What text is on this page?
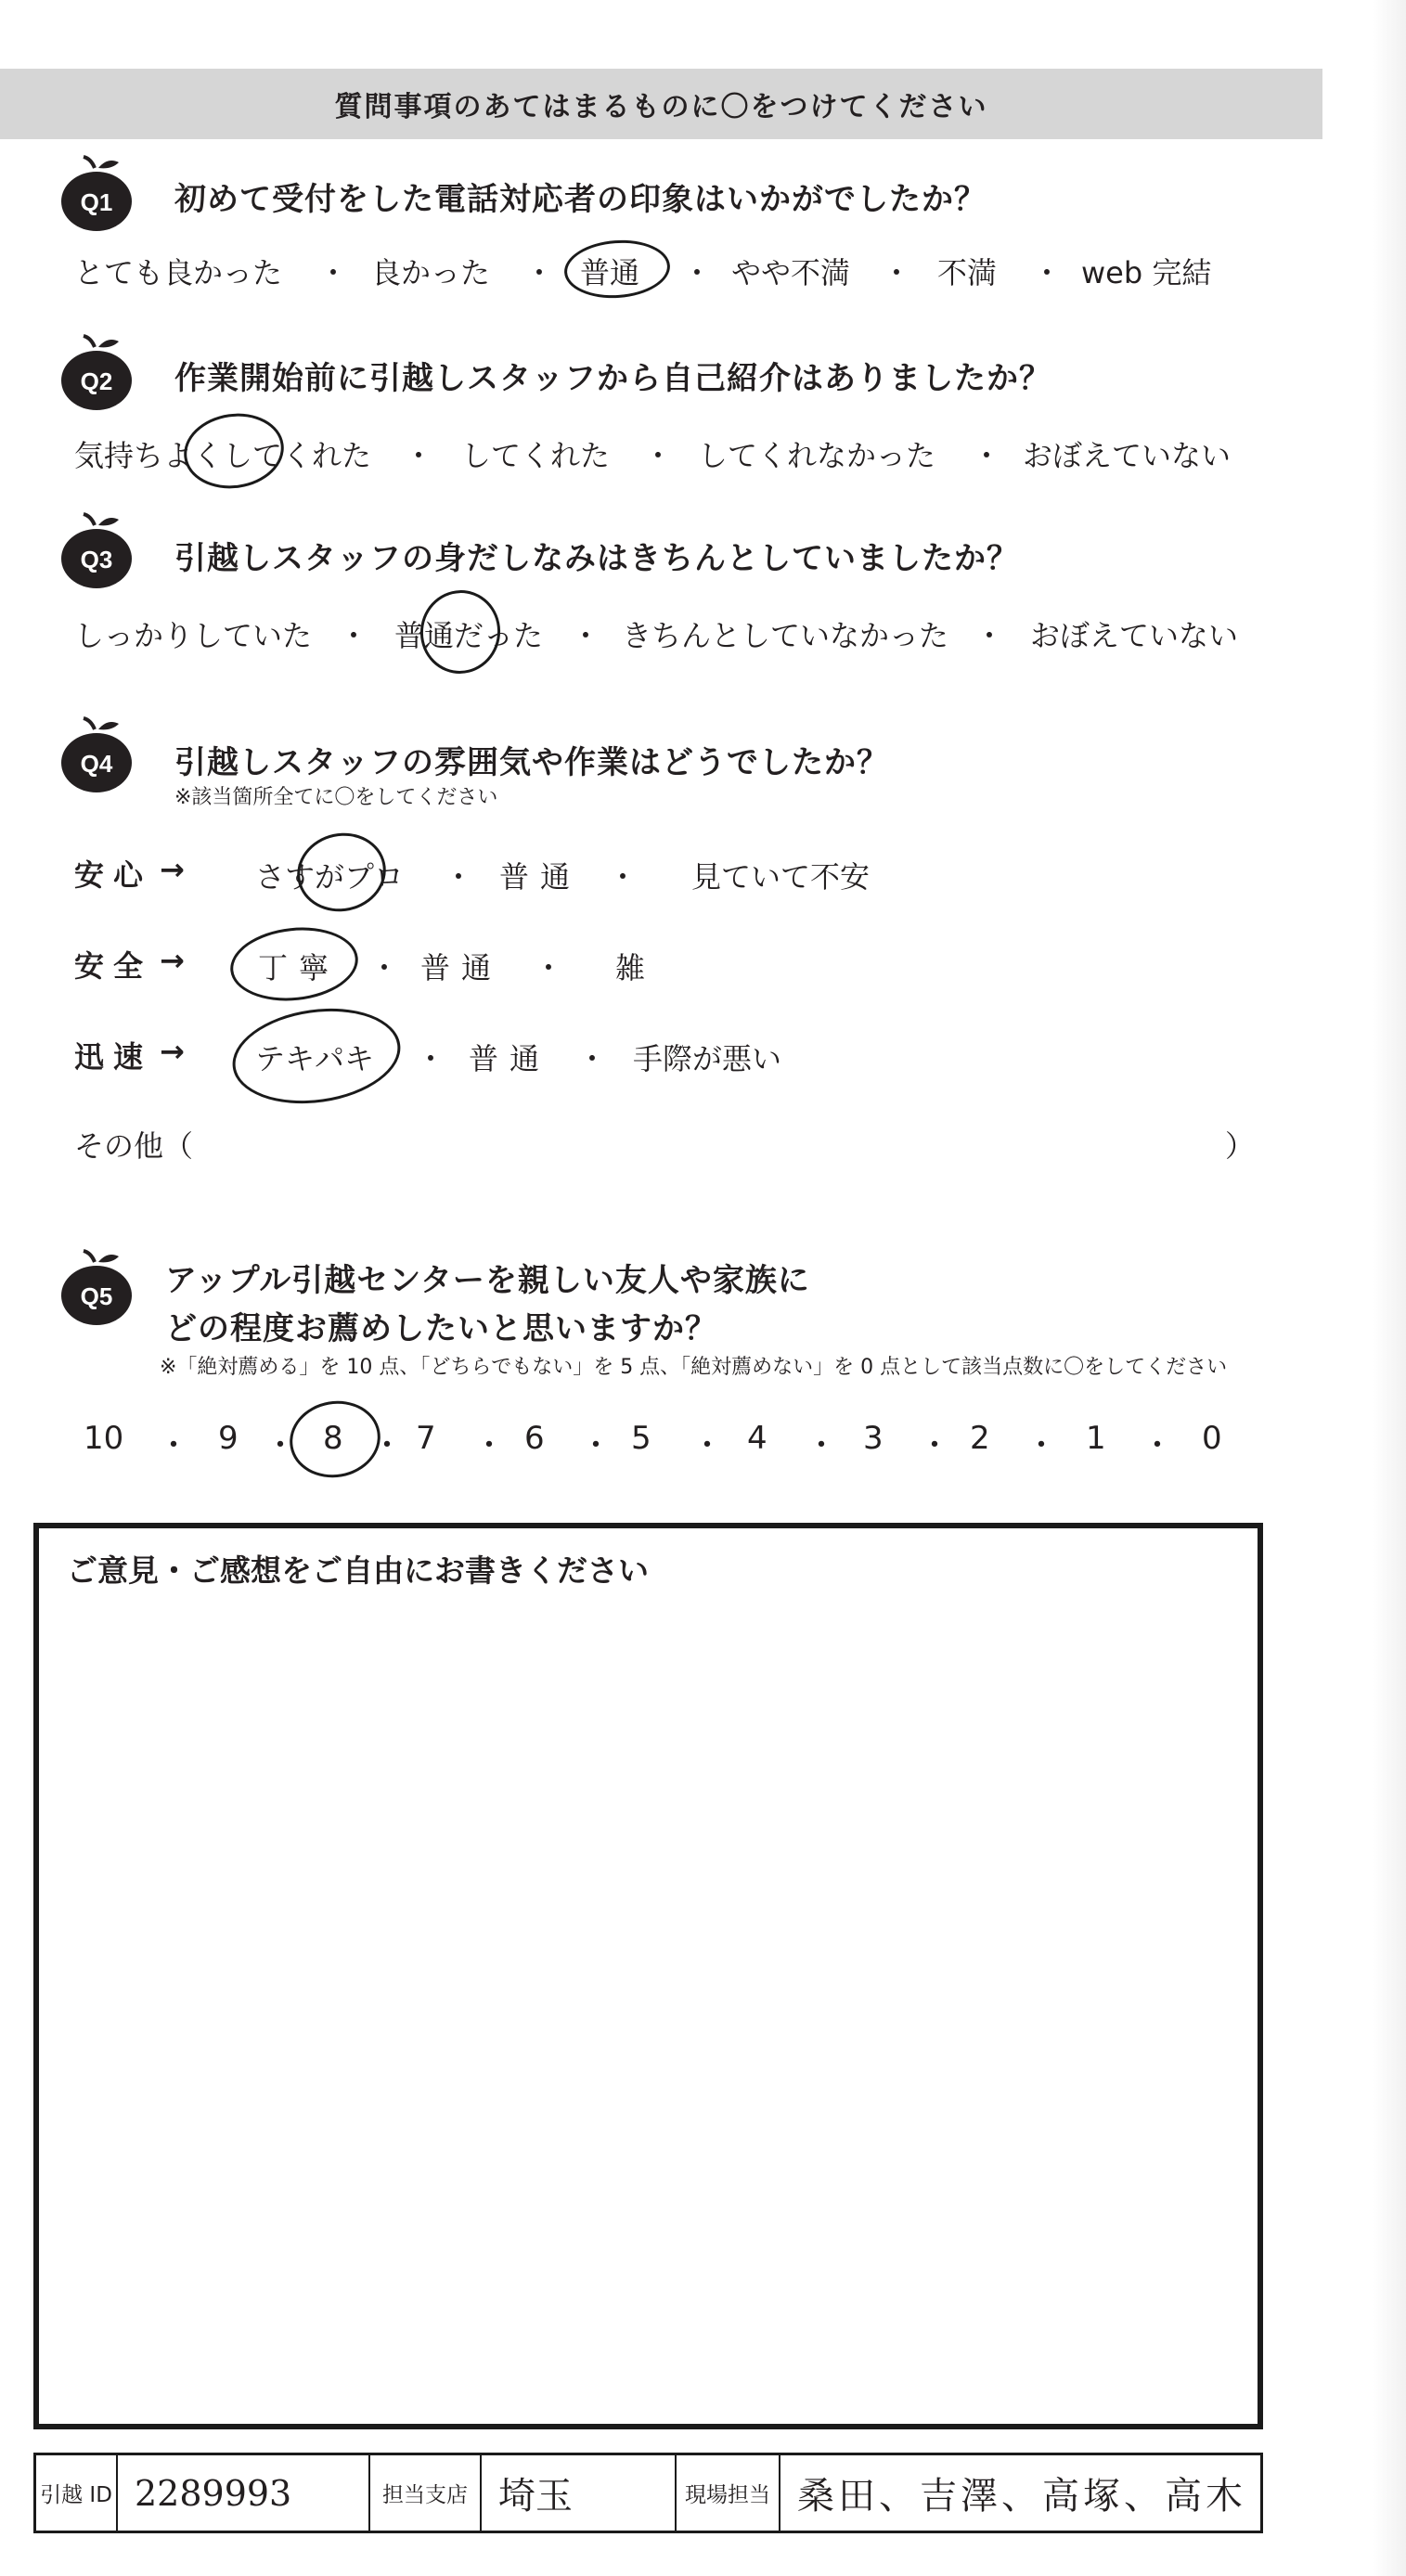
質問事項のあてはまるものに〇をつけてください
Q1 初めて受付をした電話対応者の印象はいかがでしたか？
とても良かった ・ 良かった ・ 普通 ・ やや不満 ・ 不満 ・ web 完結
Q2 作業開始前に引越しスタッフから自己紹介はありましたか？
気持ちよくしてくれた ・ してくれた ・ してくれなかった ・ おぼえていない
Q3 引越しスタッフの身だしなみはきちんとしていましたか？
しっかりしていた ・ 普通だった ・ きちんとしていなかった ・ おぼえていない
Q4 引越しスタッフの雰囲気や作業はどうでしたか？
※該当箇所全てに〇をしてください
安心 → さすがプロ ・ 普通 ・ 見ていて不安
安全 → 丁寧 ・ 普通 ・ 雑
迅速 → テキパキ ・ 普通 ・ 手際が悪い
その他（	）
Q5 アップル引越センターを親しい友人や家族に
どの程度お薦めしたいと思いますか？
※「絶対薦める」を 10 点、「どちらでもない」を 5 点、「絶対薦めない」を 0 点として該当点数に〇をしてください
10 ・ 9 ・ 8 ・ 7 ・ 6 ・ 5 ・ 4 ・ 3 ・ 2 ・ 1 ・ 0
ご意見・ご感想をご自由にお書きください
引越 ID 2289993	担当支店 埼玉	現場担当 桑田、吉澤、高塚、高木
